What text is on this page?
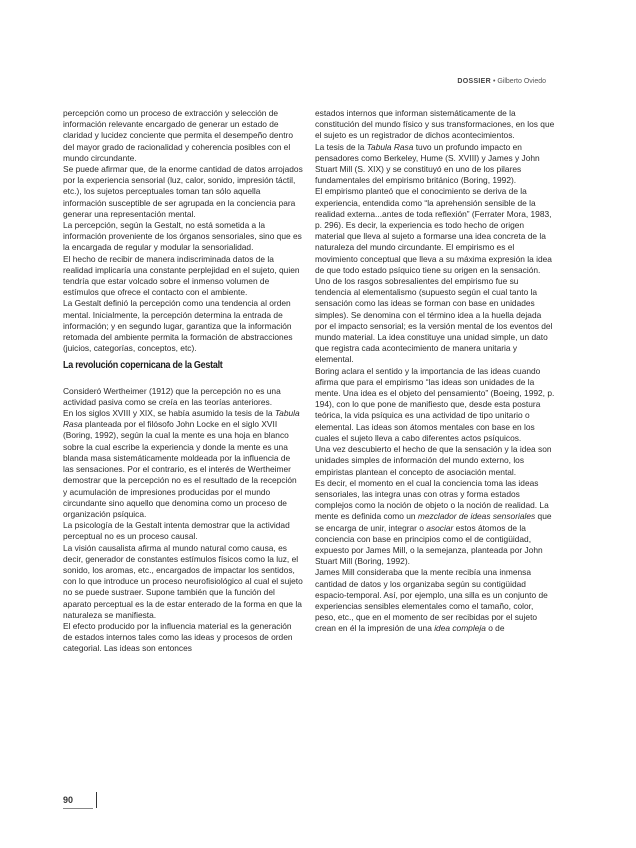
DOSSIER • Gilberto Oviedo

percepción como un proceso de extracción y selección de información relevante encargado de generar un estado de claridad y lucidez conciente que permita el desempeño dentro del mayor grado de racionalidad y coherencia posibles con el mundo circundante.

Se puede afirmar que, de la enorme cantidad de datos arrojados por la experiencia sensorial (luz, calor, sonido, impresión táctil, etc.), los sujetos perceptuales toman tan sólo aquella información susceptible de ser agrupada en la conciencia para generar una representación mental.

La percepción, según la Gestalt, no está sometida a la información proveniente de los órganos sensoriales, sino que es la encargada de regular y modular la sensorialidad.

El hecho de recibir de manera indiscriminada datos de la realidad implicaría una constante perplejidad en el sujeto, quien tendría que estar volcado sobre el inmenso volumen de estímulos que ofrece el contacto con el ambiente.

La Gestalt definió la percepción como una tendencia al orden mental. Inicialmente, la percepción determina la entrada de información; y en segundo lugar, garantiza que la información retomada del ambiente permita la formación de abstracciones (juicios, categorías, conceptos, etc).

La revolución copernicana de la Gestalt

Consideró Wertheimer (1912) que la percepción no es una actividad pasiva como se creía en las teorías anteriores.

En los siglos XVIII y XIX, se había asumido la tesis de la Tabula Rasa planteada por el filósofo John Locke en el siglo XVII (Boring, 1992), según la cual la mente es una hoja en blanco sobre la cual escribe la experiencia y donde la mente es una blanda masa sistemáticamente moldeada por la influencia de las sensaciones. Por el contrario, es el interés de Wertheimer demostrar que la percepción no es el resultado de la recepción y acumulación de impresiones producidas por el mundo circundante sino aquello que denomina como un proceso de organización psíquica.

La psicología de la Gestalt intenta demostrar que la actividad perceptual no es un proceso causal.

La visión causalista afirma al mundo natural como causa, es decir, generador de constantes estímulos físicos como la luz, el sonido, los aromas, etc., encargados de impactar los sentidos, con lo que introduce un proceso neurofisiológico al cual el sujeto no se puede sustraer. Supone también que la función del aparato perceptual es la de estar enterado de la forma en que la naturaleza se manifiesta.

El efecto producido por la influencia material es la generación de estados internos tales como las ideas y procesos de orden categorial. Las ideas son entonces

estados internos que informan sistemáticamente de la constitución del mundo físico y sus transformaciones, en los que el sujeto es un registrador de dichos acontecimientos.

La tesis de la Tabula Rasa tuvo un profundo impacto en pensadores como Berkeley, Hume (S. XVIII) y James y John Stuart Mill (S. XIX) y se constituyó en uno de los pilares fundamentales del empirismo británico (Boring, 1992).

El empirismo planteó que el conocimiento se deriva de la experiencia, entendida como “la aprehensión sensible de la realidad externa...antes de toda reflexión” (Ferrater Mora, 1983, p. 296). Es decir, la experiencia es todo hecho de origen material que lleva al sujeto a formarse una idea concreta de la naturaleza del mundo circundante. El empirismo es el movimiento conceptual que lleva a su máxima expresión la idea de que todo estado psíquico tiene su origen en la sensación.

Uno de los rasgos sobresalientes del empirismo fue su tendencia al elementalismo (supuesto según el cual tanto la sensación como las ideas se forman con base en unidades simples). Se denomina con el término idea a la huella dejada por el impacto sensorial; es la versión mental de los eventos del mundo material. La idea constituye una unidad simple, un dato que registra cada acontecimiento de manera unitaria y elemental.

Boring aclara el sentido y la importancia de las ideas cuando afirma que para el empirismo “las ideas son unidades de la mente. Una idea es el objeto del pensamiento” (Boeing, 1992, p. 194), con lo que pone de manifiesto que, desde esta postura teórica, la vida psíquica es una actividad de tipo unitario o elemental. Las ideas son átomos mentales con base en los cuales el sujeto lleva a cabo diferentes actos psíquicos.

Una vez descubierto el hecho de que la sensación y la idea son unidades simples de información del mundo externo, los empiristas plantean el concepto de asociación mental.

Es decir, el momento en el cual la conciencia toma las ideas sensoriales, las integra unas con otras y forma estados complejos como la noción de objeto o la noción de realidad. La mente es definida como un mezclador de ideas sensoriales que se encarga de unir, integrar o asociar estos átomos de la conciencia con base en principios como el de contigüidad, expuesto por James Mill, o la semejanza, planteada por John Stuart Mill (Boring, 1992).

James Mill consideraba que la mente recibía una inmensa cantidad de datos y los organizaba según su contigüidad espacio-temporal. Así, por ejemplo, una silla es un conjunto de experiencias sensibles elementales como el tamaño, color, peso, etc., que en el momento de ser recibidas por el sujeto crean en él la impresión de una idea compleja o de

90
